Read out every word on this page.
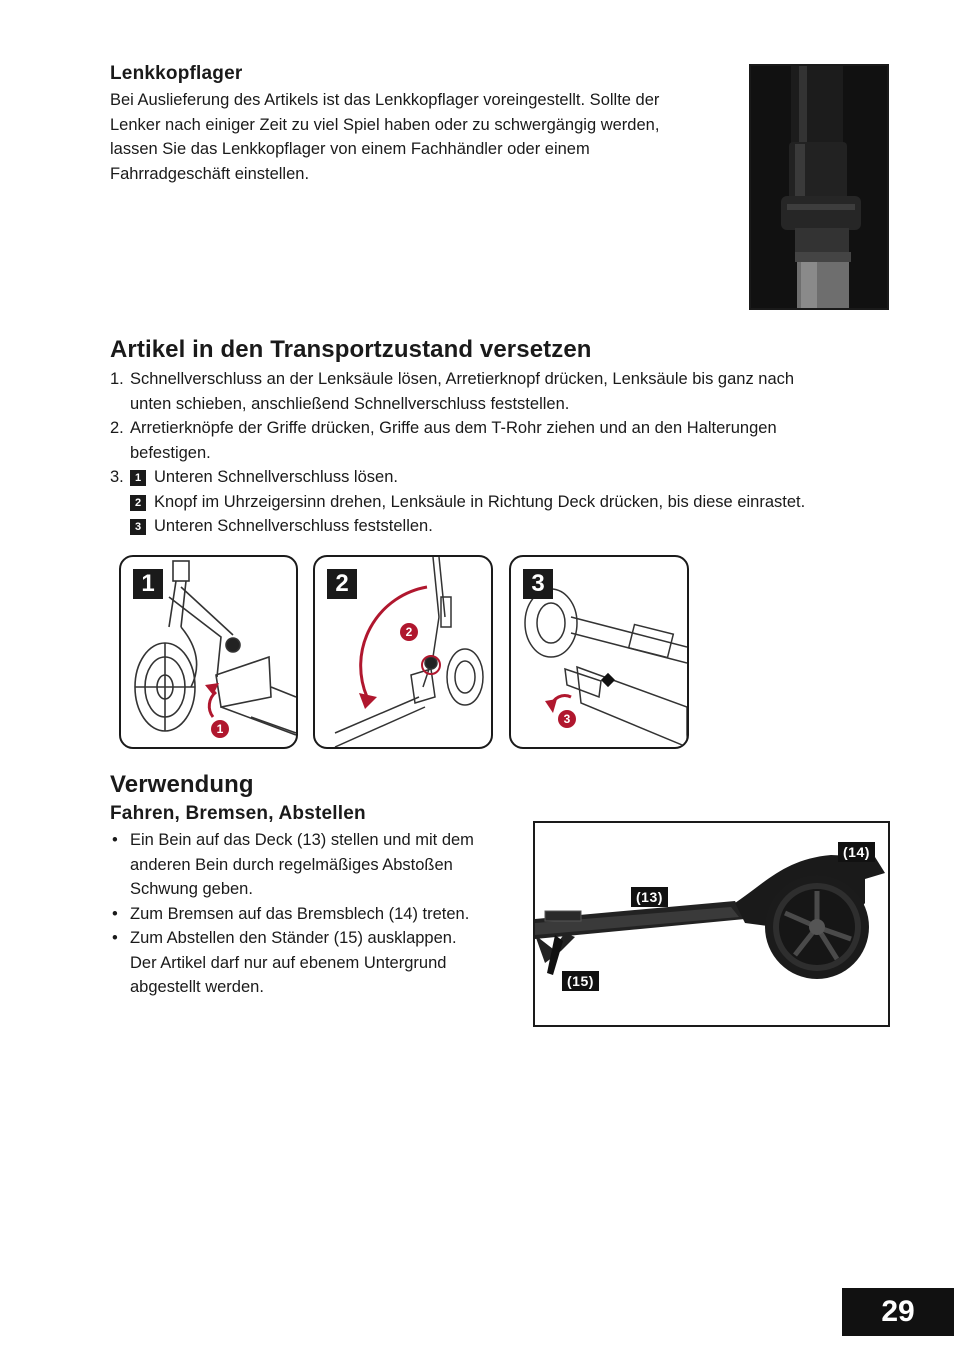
Lenkkopflager
Bei Auslieferung des Artikels ist das Lenkkopflager voreingestellt. Sollte der
Lenker nach einiger Zeit zu viel Spiel haben oder zu schwergängig werden,
lassen Sie das Lenkkopflager von einem Fachhändler oder einem
Fahrradgeschäft einstellen.
Artikel in den Transportzustand versetzen
1. Schnellverschluss an der Lenksäule lösen, Arretierknopf drücken, Lenksäule bis ganz nach
unten schieben, anschließend Schnellverschluss feststellen.
2. Arretierknöpfe der Griffe drücken, Griffe aus dem T-Rohr ziehen und an den Halterungen
befestigen.
3.	1 Unteren Schnellverschluss lösen.
2 Knopf im Uhrzeigersinn drehen, Lenksäule in Richtung Deck drücken, bis diese einrastet.
3 Unteren Schnellverschluss feststellen.
1
1
2
2
3
3
Verwendung
Fahren, Bremsen, Abstellen
• Ein Bein auf das Deck (13) stellen und mit dem
anderen Bein durch regelmäßiges Abstoßen
Schwung geben.
• Zum Bremsen auf das Bremsblech (14) treten.
• Zum Abstellen den Ständer (15) ausklappen.
Der Artikel darf nur auf ebenem Untergrund
abgestellt werden.
(14)
(13)
(15)
29
